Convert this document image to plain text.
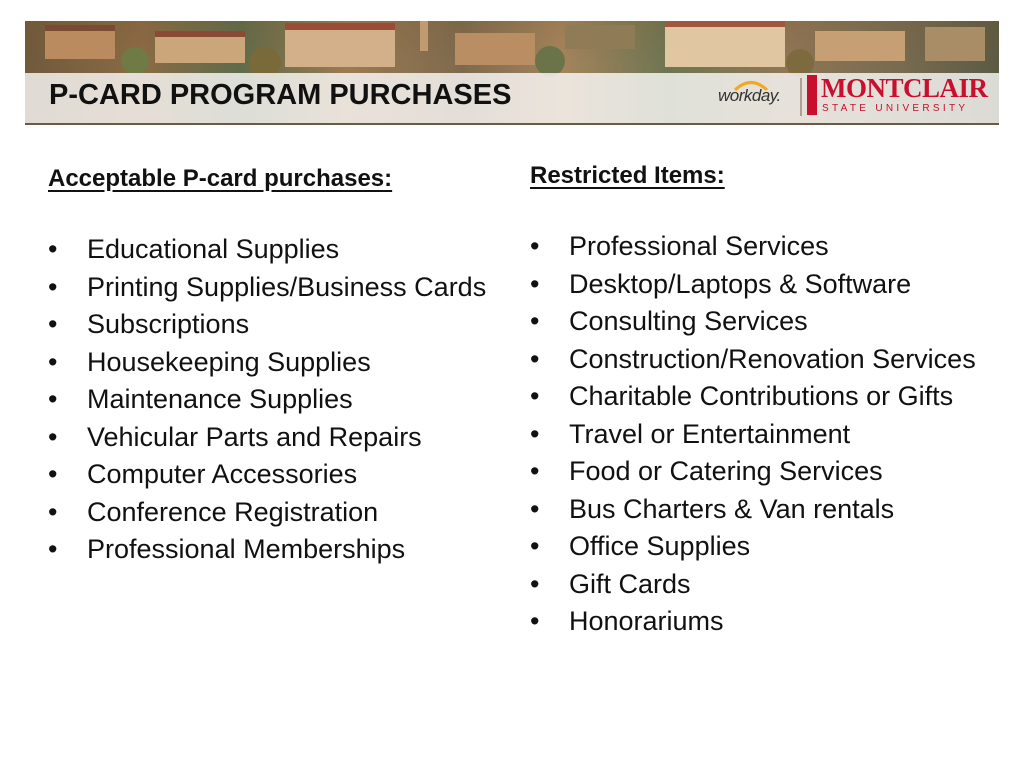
P-CARD PROGRAM PURCHASES	workday. MONTCLAIR
STATE UNIVERSITY
Acceptable P-card purchases:
• Educational Supplies
• Printing Supplies/Business Cards
• Subscriptions
• Housekeeping Supplies
• Maintenance Supplies
• Vehicular Parts and Repairs
• Computer Accessories
• Conference Registration
• Professional Memberships
Restricted Items:
• Professional Services
• Desktop/Laptops & Software
• Consulting Services
• Construction/Renovation Services
• Charitable Contributions or Gifts
• Travel or Entertainment
• Food or Catering Services
• Bus Charters & Van rentals
• Office Supplies
• Gift Cards
• Honorariums
